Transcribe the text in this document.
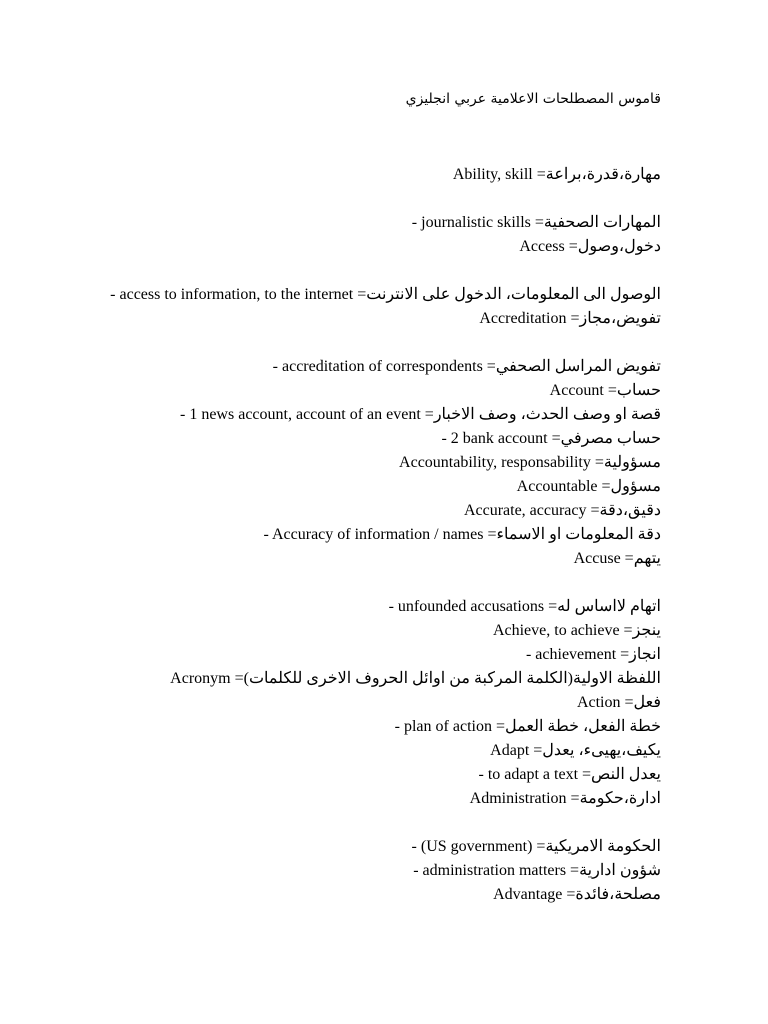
قاموس المصطلحات الاعلامية عربي انجليزي
Ability, skill =مهارة،قدرة،براعة
- journalistic skills =المهارات الصحفية
Access =دخول،وصول
- access to information, to the internet =الوصول الى المعلومات، الدخول على الانترنت
Accreditation =تفويض،مجاز
- accreditation of correspondents =تفويض المراسل الصحفي
Account =حساب
- 1 news account, account of an event =قصة او وصف الحدث، وصف الاخبار
- 2 bank account =حساب مصرفي
Accountability, responsability =مسؤولية
Accountable =مسؤول
Accurate, accuracy =دقيق،دقة
- Accuracy of information / names =دقة المعلومات او الاسماء
Accuse =يتهم
- unfounded accusations =اتهام لااساس له
Achieve, to achieve =ينجز
- achievement =انجاز
Acronym =اللفظة الاولية(الكلمة المركبة من اوائل الحروف الاخرى للكلمات)
Action =فعل
- plan of action =خطة الفعل، خطة العمل
Adapt =يكيف،يهيىء، يعدل
- to adapt a text =يعدل النص
Administration =ادارة،حكومة
- (US government) =الحكومة الامريكية
- administration matters =شؤون ادارية
Advantage =مصلحة،فائدة
